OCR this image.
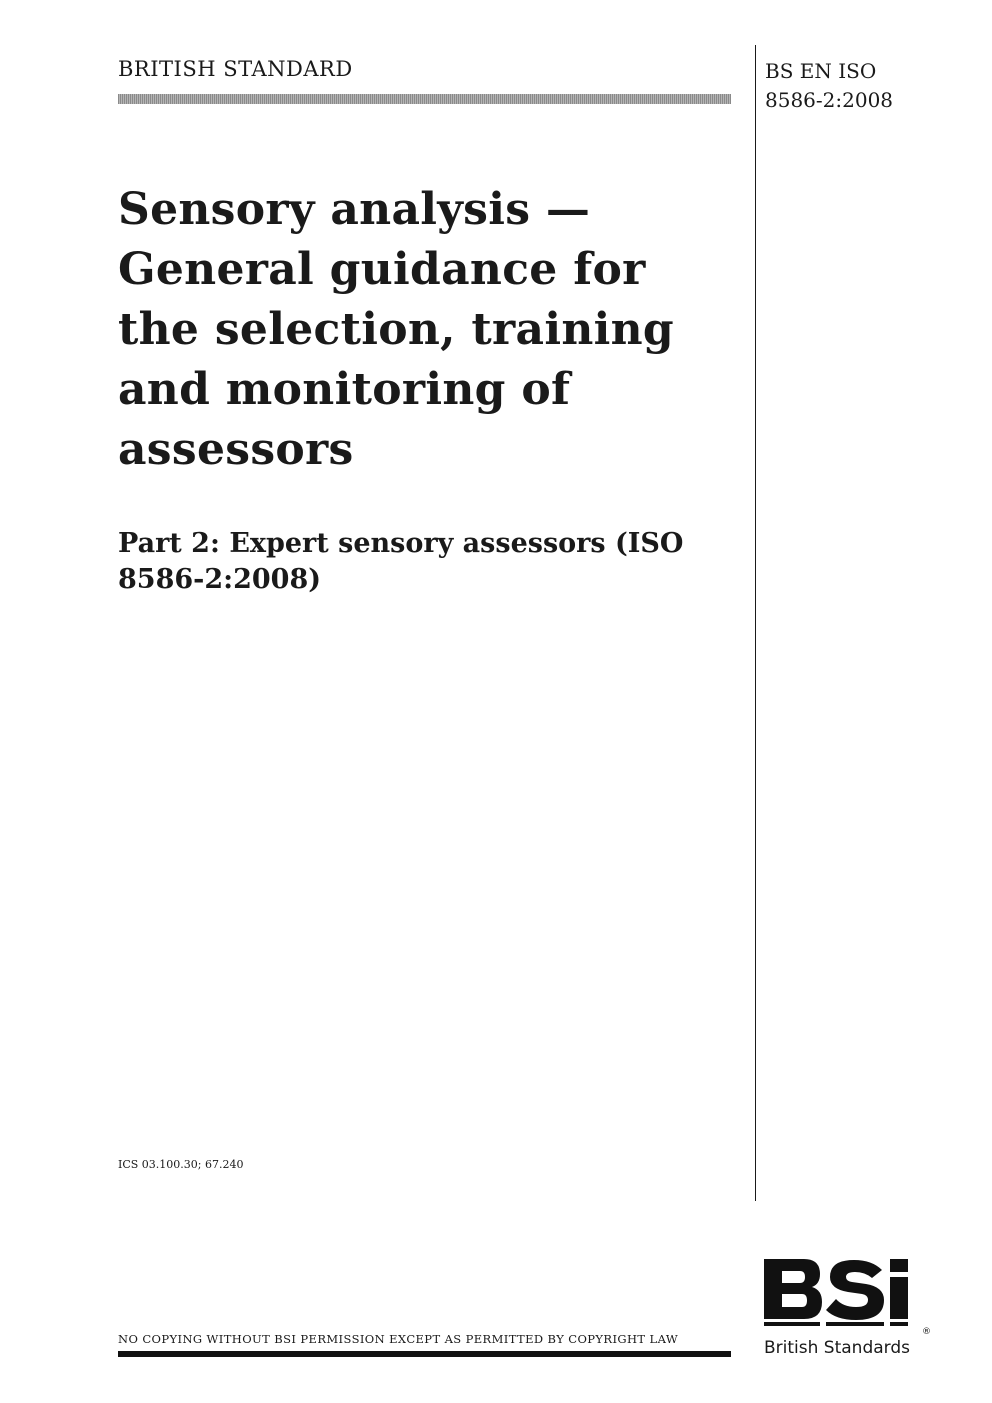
BRITISH STANDARD	BS EN ISO
8586-2:2008
Sensory analysis —
General guidance for
the selection, training
and monitoring of
assessors
Part 2: Expert sensory assessors (ISO
8586-2:2008)
ICS 03.100.30; 67.240
NO COPYING WITHOUT BSI PERMISSION EXCEPT AS PERMITTED BY COPYRIGHT LAW	®
British Standards
